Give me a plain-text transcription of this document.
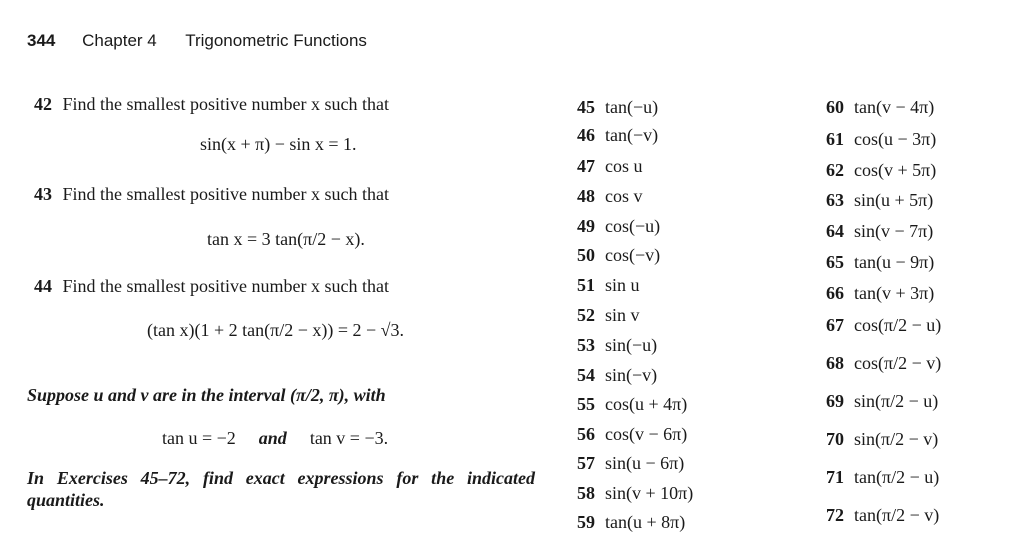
344 Chapter 4 Trigonometric Functions
42 Find the smallest positive number x such that
sin(x + π) − sin x = 1.
43 Find the smallest positive number x such that
tan x = 3 tan(π/2 − x).
44 Find the smallest positive number x such that
(tan x)(1 + 2 tan(π/2 − x)) = 2 − √3.
Suppose u and v are in the interval (π/2, π), with
tan u = −2 and tan v = −3.
In Exercises 45–72, find exact expressions for the indicated quantities.
45 tan(−u)
46 tan(−v)
47 cos u
48 cos v
49 cos(−u)
50 cos(−v)
51 sin u
52 sin v
53 sin(−u)
54 sin(−v)
55 cos(u + 4π)
56 cos(v − 6π)
57 sin(u − 6π)
58 sin(v + 10π)
59 tan(u + 8π)
60 tan(v − 4π)
61 cos(u − 3π)
62 cos(v + 5π)
63 sin(u + 5π)
64 sin(v − 7π)
65 tan(u − 9π)
66 tan(v + 3π)
67 cos(π/2 − u)
68 cos(π/2 − v)
69 sin(π/2 − u)
70 sin(π/2 − v)
71 tan(π/2 − u)
72 tan(π/2 − v)
